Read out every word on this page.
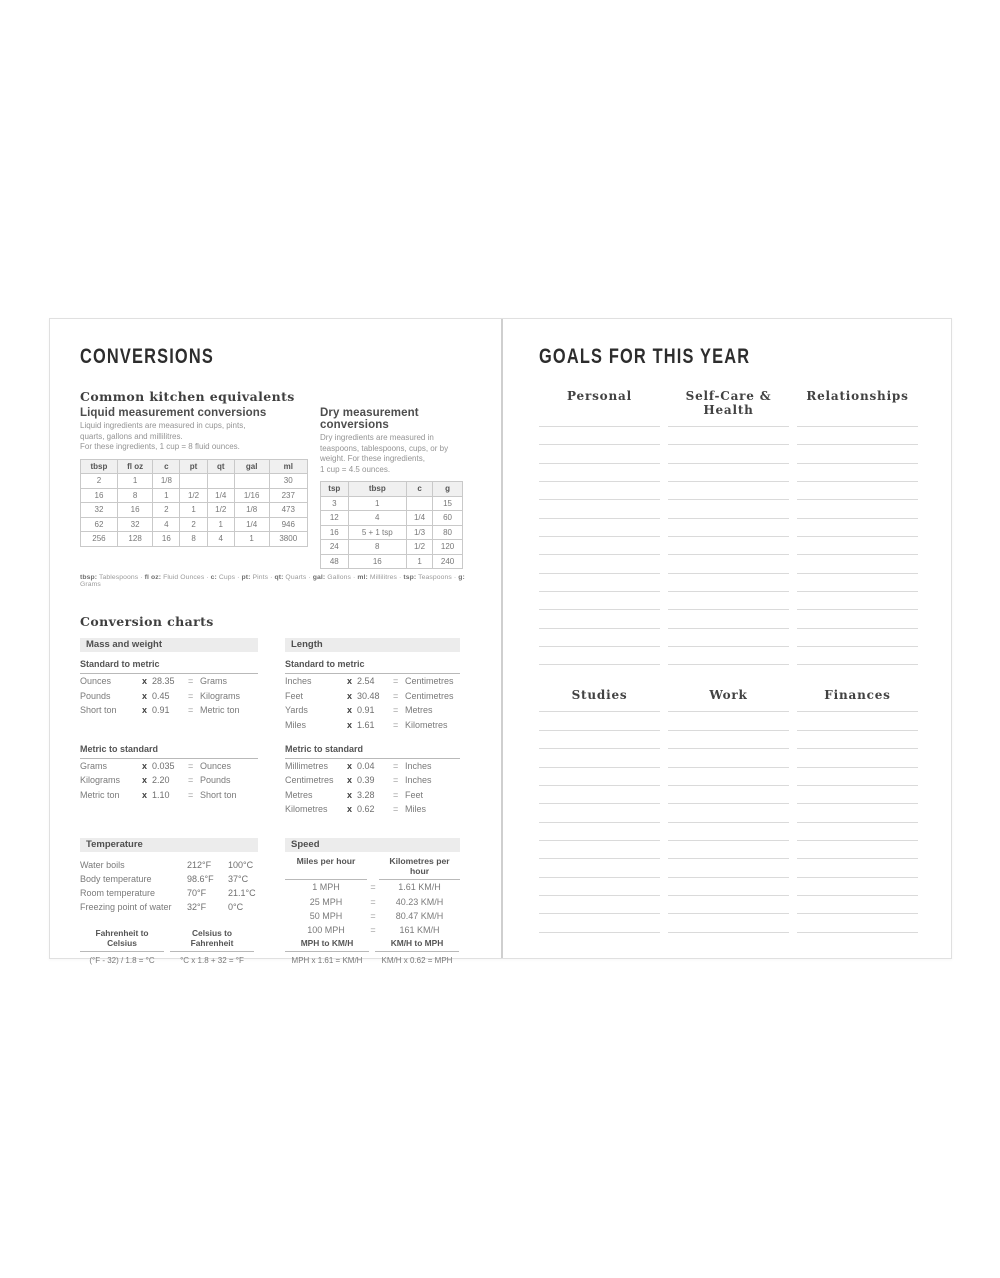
CONVERSIONS
Common kitchen equivalents
Liquid measurement conversions

Liquid ingredients are measured in cups, pints,
quarts, gallons and millilitres.
For these ingredients, 1 cup = 8 fluid ounces.

tbsp	fl oz	c	pt	qt	gal	ml
2	1	1/8				30
16	8	1	1/2	1/4	1/16	237
32	16	2	1	1/2	1/8	473
62	32	4	2	1	1/4	946
256	128	16	8	4	1	3800
Dry measurement conversions

Dry ingredients are measured in
teaspoons, tablespoons, cups, or by
weight. For these ingredients,
1 cup = 4.5 ounces.

tsp	tbsp	c	g
3	1		15
12	4	1/4	60
16	5 + 1 tsp	1/3	80
24	8	1/2	120
48	16	1	240

tbsp: Tablespoons · fl oz: Fluid Ounces · c: Cups · pt: Pints · qt: Quarts · gal: Gallons · ml: Millilitres · tsp: Teaspoons · g: Grams

Conversion charts
Mass and weight	Length
Standard to metric
Ounces	x 28.35	= Grams
Pounds	x 0.45	= Kilograms
Short ton	x 0.91	= Metric ton
Standard to metric
Inches	x 2.54	= Centimetres
Feet	x 30.48	= Centimetres
Yards	x 0.91	= Metres
Miles	x 1.61	= Kilometres
Metric to standard
Grams	x 0.035	= Ounces
Kilograms	x 2.20	= Pounds
Metric ton	x 1.10	= Short ton
Metric to standard
Millimetres	x 0.04	= Inches
Centimetres	x 0.39	= Inches
Metres	x 3.28	= Feet
Kilometres	x 0.62	= Miles
Temperature	Speed
Water boils	212°F	100°C
Body temperature	98.6°F	37°C
Room temperature	70°F	21.1°C
Freezing point of water	32°F	0°C
Fahrenheit to Celsius
(°F - 32) / 1.8 = °C
Celsius to Fahrenheit
°C x 1.8 + 32 = °F
Miles per hour	Kilometres per hour
1 MPH	=	1.61 KM/H
25 MPH	=	40.23 KM/H
50 MPH	=	80.47 KM/H
100 MPH	=	161 KM/H
MPH to KM/H
MPH x 1.61 = KM/H
KM/H to MPH
KM/H x 0.62 = MPH
GOALS FOR THIS YEAR
Personal	Self-Care & Health
Relationships
Studies	Work	Finances
